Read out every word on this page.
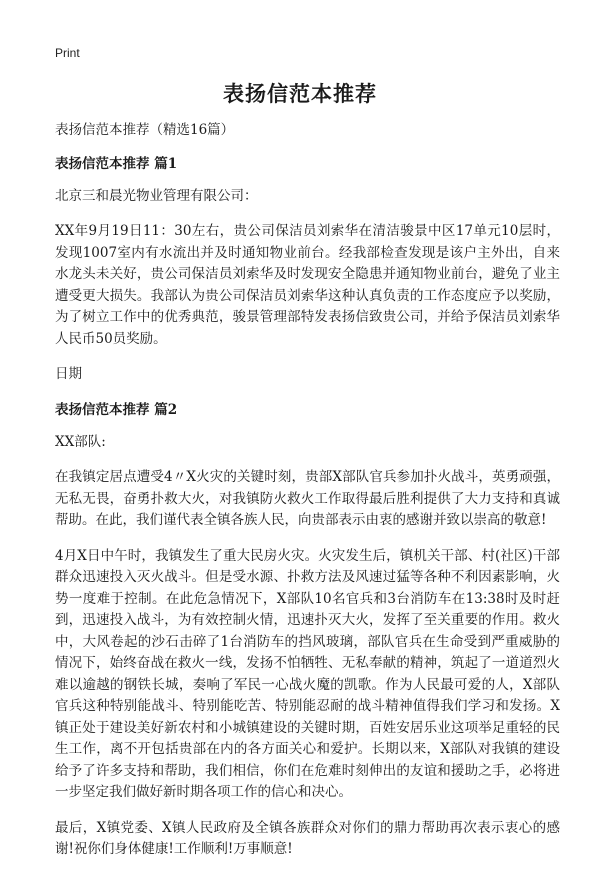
Print
表扬信范本推荐

表扬信范本推荐（精选16篇）

表扬信范本推荐 篇1

北京三和晨光物业管理有限公司：

XX年9月19日11：30左右，贵公司保洁员刘索华在清洁骏景中区17单元10层时，发现1007室内有水流出并及时通知物业前台。经我部检查发现是该户主外出，自来水龙头未关好，贵公司保洁员刘索华及时发现安全隐患并通知物业前台，避免了业主遭受更大损失。我部认为贵公司保洁员刘索华这种认真负责的工作态度应予以奖励，为了树立工作中的优秀典范，骏景管理部特发表扬信致贵公司，并给予保洁员刘索华人民币50员奖励。

日期

表扬信范本推荐 篇2

XX部队:

在我镇定居点遭受4〃X火灾的关键时刻，贵部X部队官兵参加扑火战斗，英勇顽强，无私无畏，奋勇扑救大火，对我镇防火救火工作取得最后胜利提供了大力支持和真诚帮助。在此，我们谨代表全镇各族人民，向贵部表示由衷的感谢并致以崇高的敬意!

4月X日中午时，我镇发生了重大民房火灾。火灾发生后，镇机关干部、村(社区)干部群众迅速投入灭火战斗。但是受水源、扑救方法及风速过猛等各种不利因素影响，火势一度难于控制。在此危急情况下，X部队10名官兵和3台消防车在13:38时及时赶到，迅速投入战斗，为有效控制火情，迅速扑灭大火，发挥了至关重要的作用。救火中，大风卷起的沙石击碎了1台消防车的挡风玻璃，部队官兵在生命受到严重威胁的情况下，始终奋战在救火一线，发扬不怕牺牲、无私奉献的精神，筑起了一道道烈火难以逾越的钢铁长城，奏响了军民一心战火魔的凯歌。作为人民最可爱的人，X部队官兵这种特别能战斗、特别能吃苦、特别能忍耐的战斗精神值得我们学习和发扬。X镇正处于建设美好新农村和小城镇建设的关键时期，百姓安居乐业这项举足重轻的民生工作，离不开包括贵部在内的各方面关心和爱护。长期以来，X部队对我镇的建设给予了许多支持和帮助，我们相信，你们在危难时刻伸出的友谊和援助之手，必将进一步坚定我们做好新时期各项工作的信心和决心。

最后，X镇党委、X镇人民政府及全镇各族群众对你们的鼎力帮助再次表示衷心的感谢!祝你们身体健康!工作顺利!万事顺意!
